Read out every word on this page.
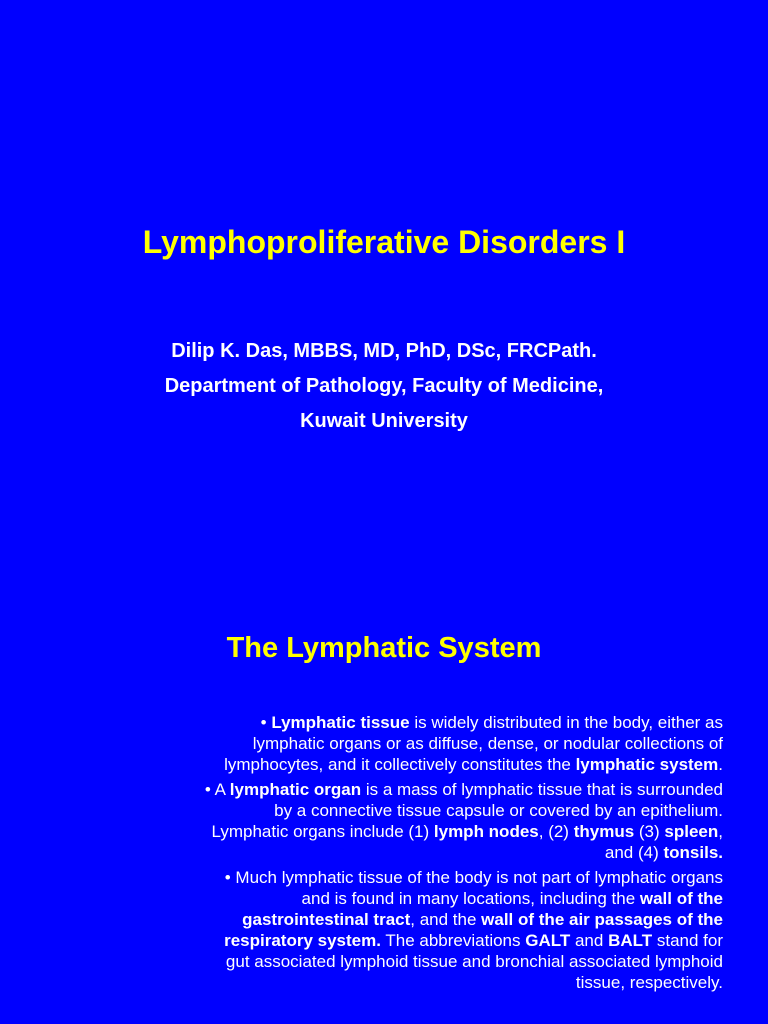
Lymphoproliferative Disorders I
Dilip K. Das, MBBS, MD, PhD, DSc, FRCPath.
Department of Pathology, Faculty of Medicine,
Kuwait University
The Lymphatic System
• Lymphatic tissue is widely distributed in the body, either as
lymphatic organs or as diffuse, dense, or nodular collections of
lymphocytes, and it collectively constitutes the lymphatic system.
• A lymphatic organ is a mass of lymphatic tissue that is surrounded
by a connective tissue capsule or covered by an epithelium.
Lymphatic organs include (1) lymph nodes, (2) thymus (3) spleen,
and (4) tonsils.
• Much lymphatic tissue of the body is not part of lymphatic organs
and is found in many locations, including the wall of the
gastrointestinal tract, and the wall of the air passages of the
respiratory system. The abbreviations GALT and BALT stand for
gut associated lymphoid tissue and bronchial associated lymphoid
tissue, respectively.
